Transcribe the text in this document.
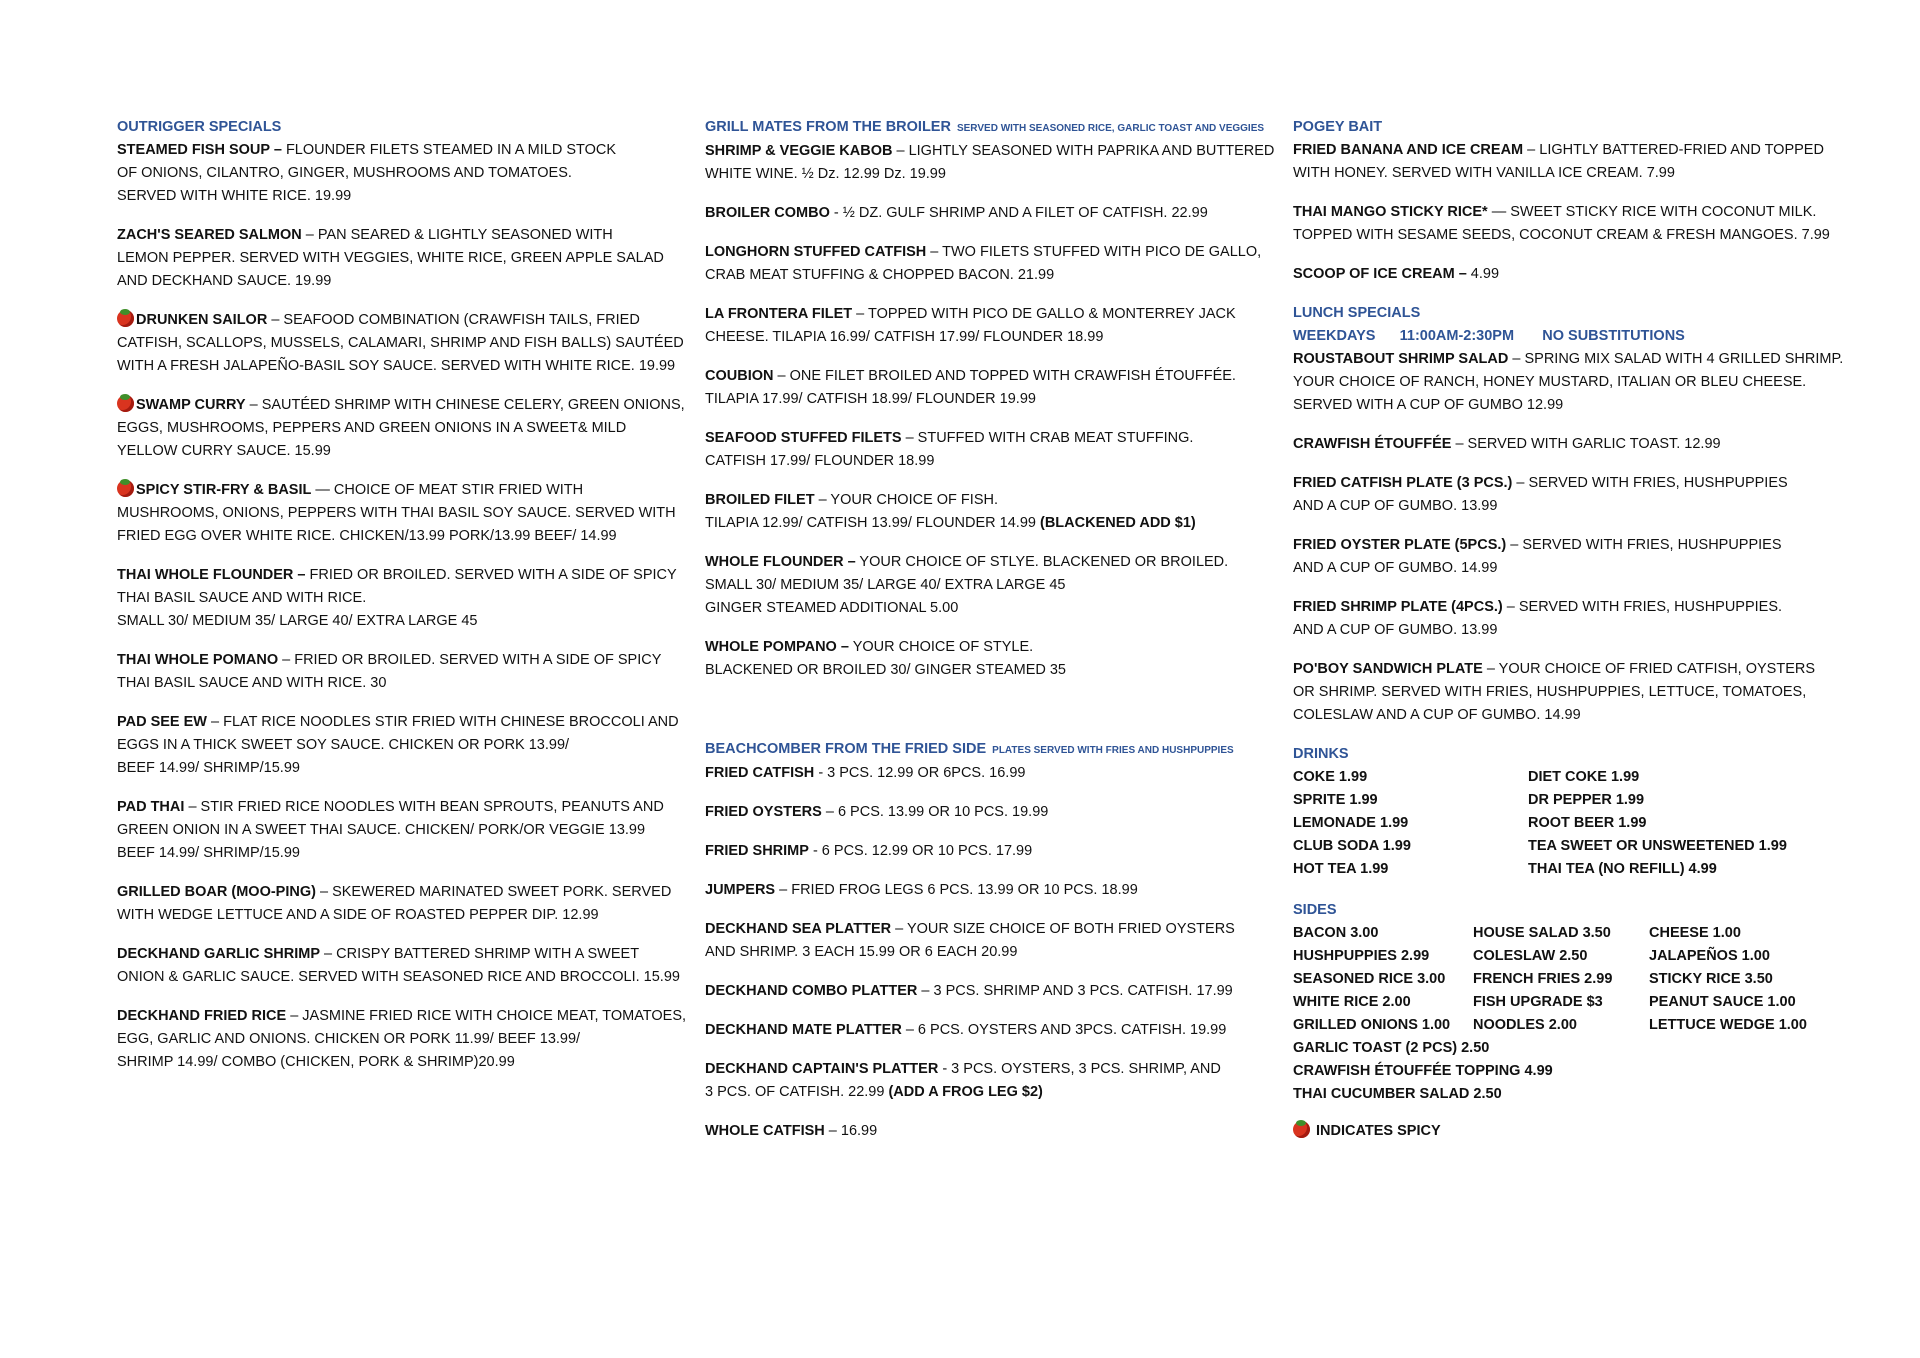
OUTRIGGER SPECIALS
STEAMED FISH SOUP – FLOUNDER FILETS STEAMED IN A MILD STOCK
OF ONIONS, CILANTRO, GINGER, MUSHROOMS AND TOMATOES.
SERVED WITH WHITE RICE. 19.99
ZACH'S SEARED SALMON – PAN SEARED & LIGHTLY SEASONED WITH
LEMON PEPPER. SERVED WITH VEGGIES, WHITE RICE, GREEN APPLE SALAD
AND DECKHAND SAUCE. 19.99
DRUNKEN SAILOR – SEAFOOD COMBINATION (CRAWFISH TAILS, FRIED
CATFISH, SCALLOPS, MUSSELS, CALAMARI, SHRIMP AND FISH BALLS) SAUTÉED
WITH A FRESH JALAPEÑO-BASIL SOY SAUCE. SERVED WITH WHITE RICE. 19.99
SWAMP CURRY – SAUTÉED SHRIMP WITH CHINESE CELERY, GREEN ONIONS,
EGGS, MUSHROOMS, PEPPERS AND GREEN ONIONS IN A SWEET& MILD
YELLOW CURRY SAUCE. 15.99
SPICY STIR-FRY & BASIL — CHOICE OF MEAT STIR FRIED WITH
MUSHROOMS, ONIONS, PEPPERS WITH THAI BASIL SOY SAUCE. SERVED WITH
FRIED EGG OVER WHITE RICE. CHICKEN/13.99 PORK/13.99 BEEF/ 14.99
THAI WHOLE FLOUNDER – FRIED OR BROILED. SERVED WITH A SIDE OF SPICY
THAI BASIL SAUCE AND WITH RICE.
SMALL 30/ MEDIUM 35/ LARGE 40/ EXTRA LARGE 45
THAI WHOLE POMANO – FRIED OR BROILED. SERVED WITH A SIDE OF SPICY
THAI BASIL SAUCE AND WITH RICE. 30
PAD SEE EW – FLAT RICE NOODLES STIR FRIED WITH CHINESE BROCCOLI AND
EGGS IN A THICK SWEET SOY SAUCE. CHICKEN OR PORK 13.99/
BEEF 14.99/ SHRIMP/15.99
PAD THAI – STIR FRIED RICE NOODLES WITH BEAN SPROUTS, PEANUTS AND
GREEN ONION IN A SWEET THAI SAUCE. CHICKEN/ PORK/OR VEGGIE 13.99
BEEF 14.99/ SHRIMP/15.99
GRILLED BOAR (MOO-PING) – SKEWERED MARINATED SWEET PORK. SERVED
WITH WEDGE LETTUCE AND A SIDE OF ROASTED PEPPER DIP. 12.99
DECKHAND GARLIC SHRIMP – CRISPY BATTERED SHRIMP WITH A SWEET
ONION & GARLIC SAUCE. SERVED WITH SEASONED RICE AND BROCCOLI. 15.99
DECKHAND FRIED RICE – JASMINE FRIED RICE WITH CHOICE MEAT, TOMATOES,
EGG, GARLIC AND ONIONS. CHICKEN OR PORK 11.99/ BEEF 13.99/
SHRIMP 14.99/ COMBO (CHICKEN, PORK & SHRIMP)20.99
GRILL MATES FROM THE BROILER SERVED WITH SEASONED RICE, GARLIC TOAST AND VEGGIES
SHRIMP & VEGGIE KABOB – LIGHTLY SEASONED WITH PAPRIKA AND BUTTERED
WHITE WINE. ½ Dz. 12.99 Dz. 19.99
BROILER COMBO - ½ DZ. GULF SHRIMP AND A FILET OF CATFISH. 22.99
LONGHORN STUFFED CATFISH – TWO FILETS STUFFED WITH PICO DE GALLO,
CRAB MEAT STUFFING & CHOPPED BACON. 21.99
LA FRONTERA FILET – TOPPED WITH PICO DE GALLO & MONTERREY JACK
CHEESE. TILAPIA 16.99/ CATFISH 17.99/ FLOUNDER 18.99
COUBION – ONE FILET BROILED AND TOPPED WITH CRAWFISH ÉTOUFFÉE.
TILAPIA 17.99/ CATFISH 18.99/ FLOUNDER 19.99
SEAFOOD STUFFED FILETS – STUFFED WITH CRAB MEAT STUFFING.
CATFISH 17.99/ FLOUNDER 18.99
BROILED FILET – YOUR CHOICE OF FISH.
TILAPIA 12.99/ CATFISH 13.99/ FLOUNDER 14.99 (BLACKENED ADD $1)
WHOLE FLOUNDER – YOUR CHOICE OF STLYE. BLACKENED OR BROILED.
SMALL 30/ MEDIUM 35/ LARGE 40/ EXTRA LARGE 45
GINGER STEAMED ADDITIONAL 5.00
WHOLE POMPANO – YOUR CHOICE OF STYLE.
BLACKENED OR BROILED 30/ GINGER STEAMED 35
BEACHCOMBER FROM THE FRIED SIDE PLATES SERVED WITH FRIES AND HUSHPUPPIES
FRIED CATFISH - 3 PCS. 12.99 OR 6PCS. 16.99
FRIED OYSTERS – 6 PCS. 13.99 OR 10 PCS. 19.99
FRIED SHRIMP - 6 PCS. 12.99 OR 10 PCS. 17.99
JUMPERS – FRIED FROG LEGS 6 PCS. 13.99 OR 10 PCS. 18.99
DECKHAND SEA PLATTER – YOUR SIZE CHOICE OF BOTH FRIED OYSTERS
AND SHRIMP. 3 EACH 15.99 OR 6 EACH 20.99
DECKHAND COMBO PLATTER – 3 PCS. SHRIMP AND 3 PCS. CATFISH. 17.99
DECKHAND MATE PLATTER – 6 PCS. OYSTERS AND 3PCS. CATFISH. 19.99
DECKHAND CAPTAIN'S PLATTER - 3 PCS. OYSTERS, 3 PCS. SHRIMP, AND
3 PCS. OF CATFISH. 22.99 (ADD A FROG LEG $2)
WHOLE CATFISH – 16.99
POGEY BAIT
FRIED BANANA AND ICE CREAM – LIGHTLY BATTERED-FRIED AND TOPPED
WITH HONEY. SERVED WITH VANILLA ICE CREAM. 7.99
THAI MANGO STICKY RICE* — SWEET STICKY RICE WITH COCONUT MILK.
TOPPED WITH SESAME SEEDS, COCONUT CREAM & FRESH MANGOES. 7.99
SCOOP OF ICE CREAM – 4.99
LUNCH SPECIALS
WEEKDAYS      11:00AM-2:30PM       NO SUBSTITUTIONS
ROUSTABOUT SHRIMP SALAD – SPRING MIX SALAD WITH 4 GRILLED SHRIMP.
YOUR CHOICE OF RANCH, HONEY MUSTARD, ITALIAN OR BLEU CHEESE.
SERVED WITH A CUP OF GUMBO 12.99
CRAWFISH ÉTOUFFÉE – SERVED WITH GARLIC TOAST. 12.99
FRIED CATFISH PLATE (3 PCS.) – SERVED WITH FRIES, HUSHPUPPIES
AND A CUP OF GUMBO. 13.99
FRIED OYSTER PLATE (5PCS.) – SERVED WITH FRIES, HUSHPUPPIES
AND A CUP OF GUMBO. 14.99
FRIED SHRIMP PLATE (4PCS.) – SERVED WITH FRIES, HUSHPUPPIES.
AND A CUP OF GUMBO. 13.99
PO'BOY SANDWICH PLATE – YOUR CHOICE OF FRIED CATFISH, OYSTERS
OR SHRIMP. SERVED WITH FRIES, HUSHPUPPIES, LETTUCE, TOMATOES,
COLESLAW AND A CUP OF GUMBO. 14.99
DRINKS
COKE 1.99	DIET COKE 1.99
SPRITE 1.99	DR PEPPER 1.99
LEMONADE 1.99	ROOT BEER 1.99
CLUB SODA 1.99	TEA SWEET OR UNSWEETENED 1.99
HOT TEA 1.99	THAI TEA (NO REFILL) 4.99
SIDES
BACON 3.00	HOUSE SALAD 3.50	CHEESE 1.00
HUSHPUPPIES 2.99	COLESLAW 2.50	JALAPEÑOS 1.00
SEASONED RICE 3.00	FRENCH FRIES 2.99	STICKY RICE 3.50
WHITE RICE 2.00	FISH UPGRADE $3	PEANUT SAUCE 1.00
GRILLED ONIONS 1.00	NOODLES 2.00	LETTUCE WEDGE 1.00
GARLIC TOAST (2 PCS) 2.50
CRAWFISH ÉTOUFFÉE TOPPING 4.99
THAI CUCUMBER SALAD 2.50
INDICATES SPICY
